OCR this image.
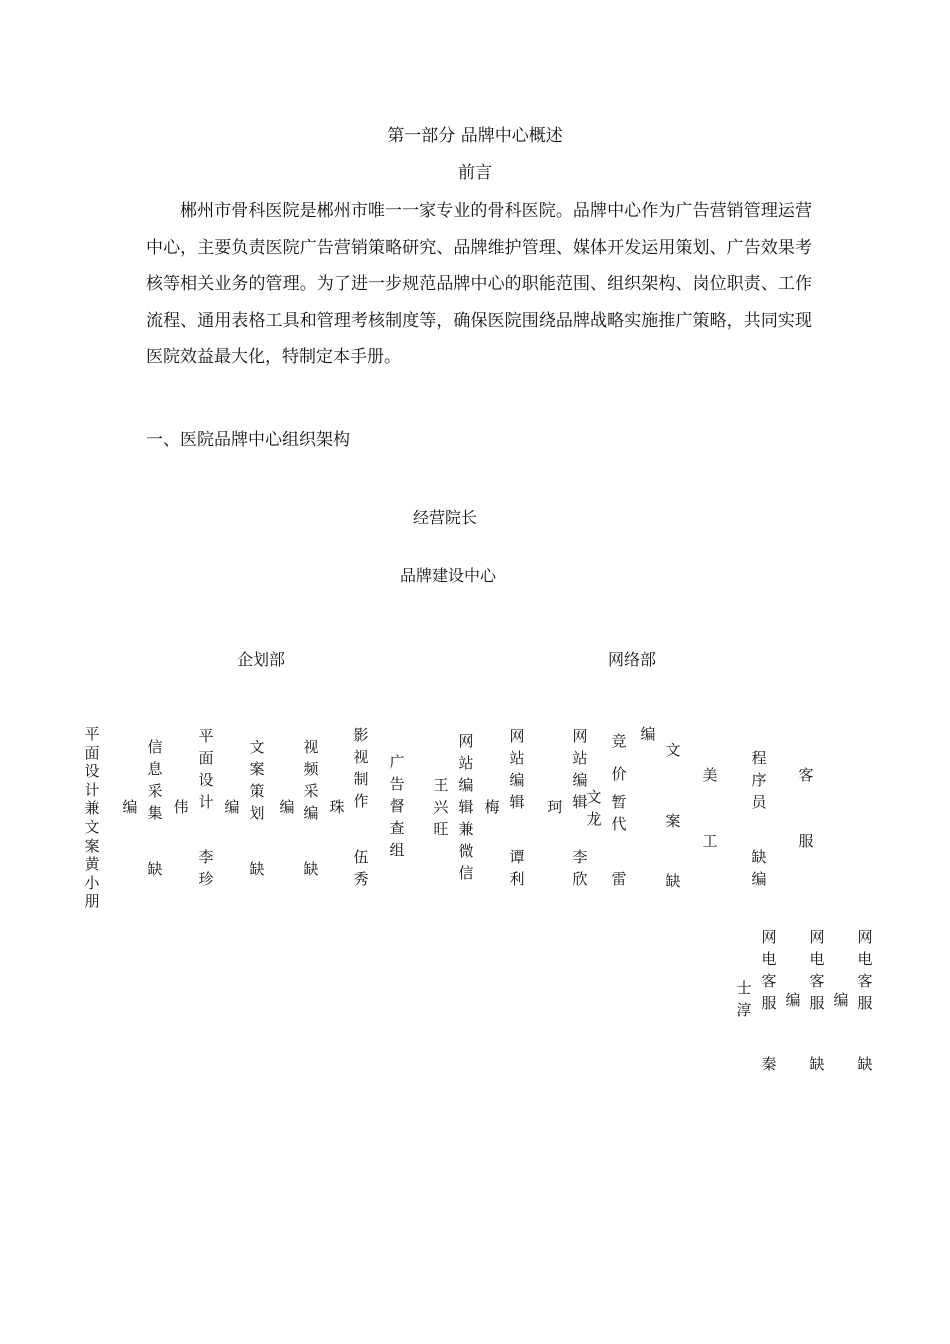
第一部分 品牌中心概述
前言
郴州市骨科医院是郴州市唯一一家专业的骨科医院。品牌中心作为广告营销管理运营中心，主要负责医院广告营销策略研究、品牌维护管理、媒体开发运用策划、广告效果考核等相关业务的管理。为了进一步规范品牌中心的职能范围、组织架构、岗位职责、工作流程、通用表格工具和管理考核制度等，确保医院围绕品牌战略实施推广策略，共同实现医院效益最大化，特制定本手册。
一、医院品牌中心组织架构
经营院长
品牌建设中心
企划部	网络部
平面设计兼文案黄小朋
编
信息采集
缺
伟
平面设计
李珍
编
文案策划
缺
编
视频采编
缺
珠
影视制作
伍秀
广告督查组
王兴旺
网站编辑兼微信
梅
网站编辑
谭利
珂
网站编辑
李欣
文龙
竞价
暂代
雷
编
文
案
缺
美
工
程序员
缺编
客
服
士淳
网电客服
秦
编
网电客服
缺
编
网电客服
缺
